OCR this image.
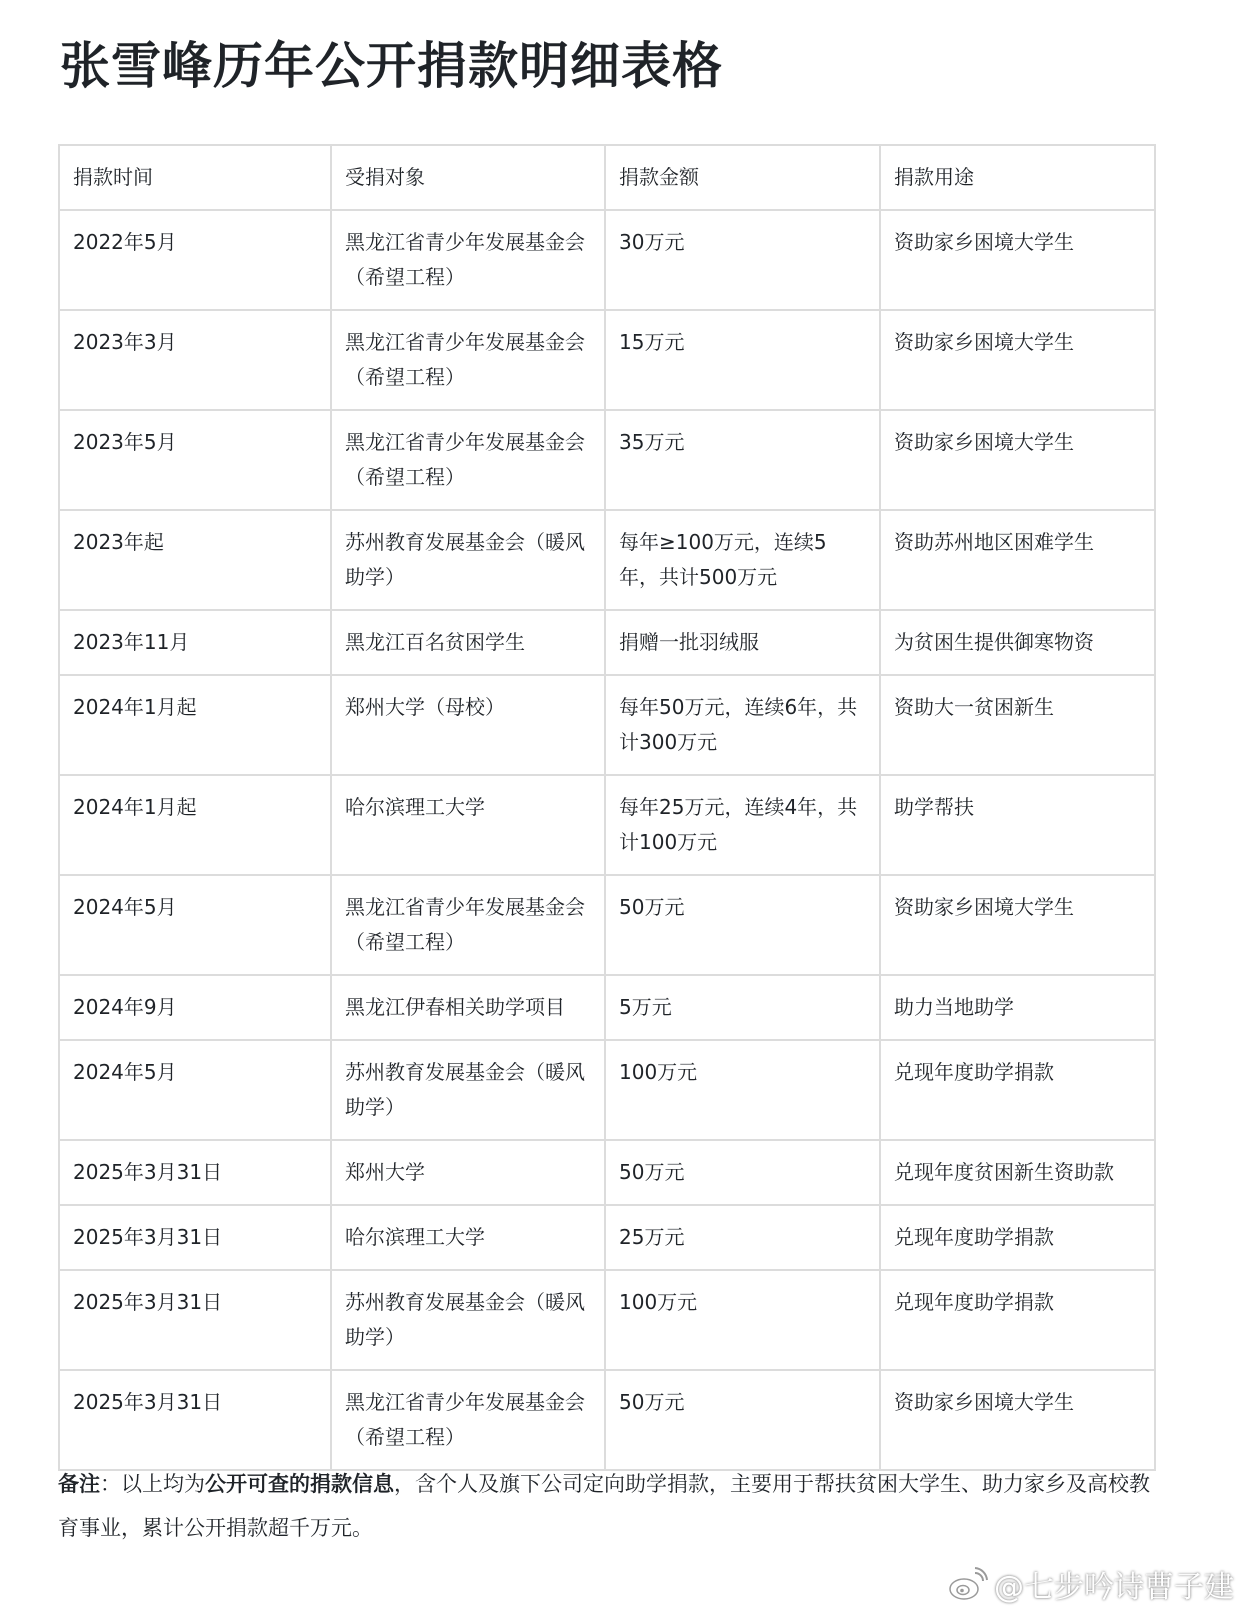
张雪峰历年公开捐款明细表格
捐款时间	受捐对象	捐款金额	捐款用途
2022年5月	黑龙江省青少年发展基金会（希望工程）	30万元	资助家乡困境大学生
2023年3月	黑龙江省青少年发展基金会（希望工程）	15万元	资助家乡困境大学生
2023年5月	黑龙江省青少年发展基金会（希望工程）	35万元	资助家乡困境大学生
2023年起	苏州教育发展基金会（暖风助学）	每年≥100万元，连续5年，共计500万元	资助苏州地区困难学生
2023年11月	黑龙江百名贫困学生	捐赠一批羽绒服	为贫困生提供御寒物资
2024年1月起	郑州大学（母校）	每年50万元，连续6年，共计300万元	资助大一贫困新生
2024年1月起	哈尔滨理工大学	每年25万元，连续4年，共计100万元	助学帮扶
2024年5月	黑龙江省青少年发展基金会（希望工程）	50万元	资助家乡困境大学生
2024年9月	黑龙江伊春相关助学项目	5万元	助力当地助学
2024年5月	苏州教育发展基金会（暖风助学）	100万元	兑现年度助学捐款
2025年3月31日	郑州大学	50万元	兑现年度贫困新生资助款
2025年3月31日	哈尔滨理工大学	25万元	兑现年度助学捐款
2025年3月31日	苏州教育发展基金会（暖风助学）	100万元	兑现年度助学捐款
2025年3月31日	黑龙江省青少年发展基金会（希望工程）	50万元	资助家乡困境大学生

备注：以上均为公开可查的捐款信息，含个人及旗下公司定向助学捐款，主要用于帮扶贫困大学生、助力家乡及高校教育事业，累计公开捐款超千万元。

@七步吟诗曹子建
